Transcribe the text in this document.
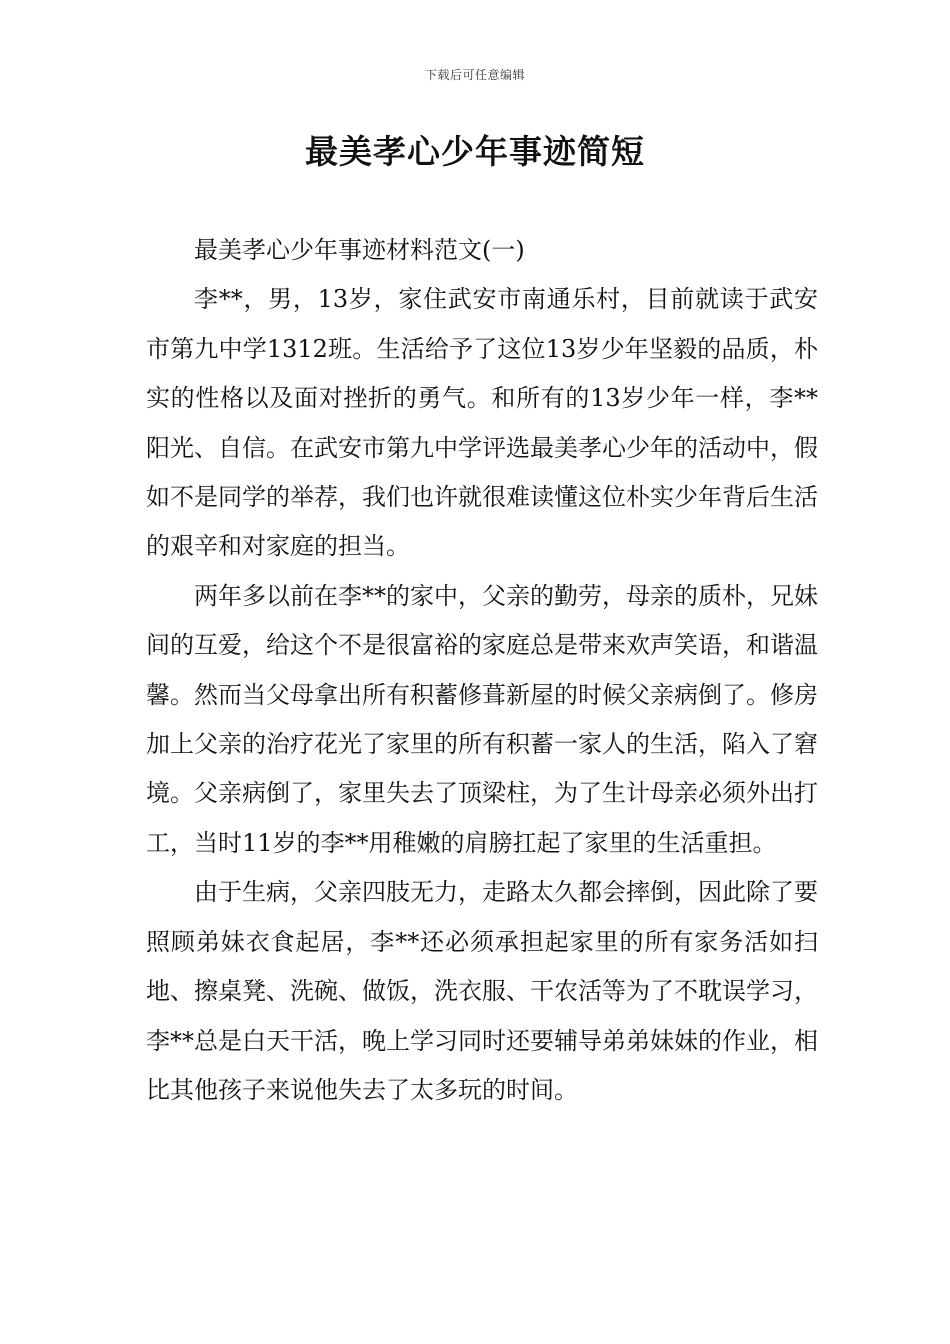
下载后可任意编辑
最美孝心少年事迹简短

最美孝心少年事迹材料范文(一)

李**，男，13岁，家住武安市南通乐村，目前就读于武安市第九中学1312班。生活给予了这位13岁少年坚毅的品质，朴实的性格以及面对挫折的勇气。和所有的13岁少年一样，李**阳光、自信。在武安市第九中学评选最美孝心少年的活动中，假如不是同学的举荐，我们也许就很难读懂这位朴实少年背后生活的艰辛和对家庭的担当。

两年多以前在李**的家中，父亲的勤劳，母亲的质朴，兄妹间的互爱，给这个不是很富裕的家庭总是带来欢声笑语，和谐温馨。然而当父母拿出所有积蓄修葺新屋的时候父亲病倒了。修房加上父亲的治疗花光了家里的所有积蓄一家人的生活，陷入了窘境。父亲病倒了，家里失去了顶梁柱，为了生计母亲必须外出打工，当时11岁的李**用稚嫩的肩膀扛起了家里的生活重担。

由于生病，父亲四肢无力，走路太久都会摔倒，因此除了要照顾弟妹衣食起居，李**还必须承担起家里的所有家务活如扫地、擦桌凳、洗碗、做饭，洗衣服、干农活等为了不耽误学习，李**总是白天干活，晚上学习同时还要辅导弟弟妹妹的作业，相比其他孩子来说他失去了太多玩的时间。
